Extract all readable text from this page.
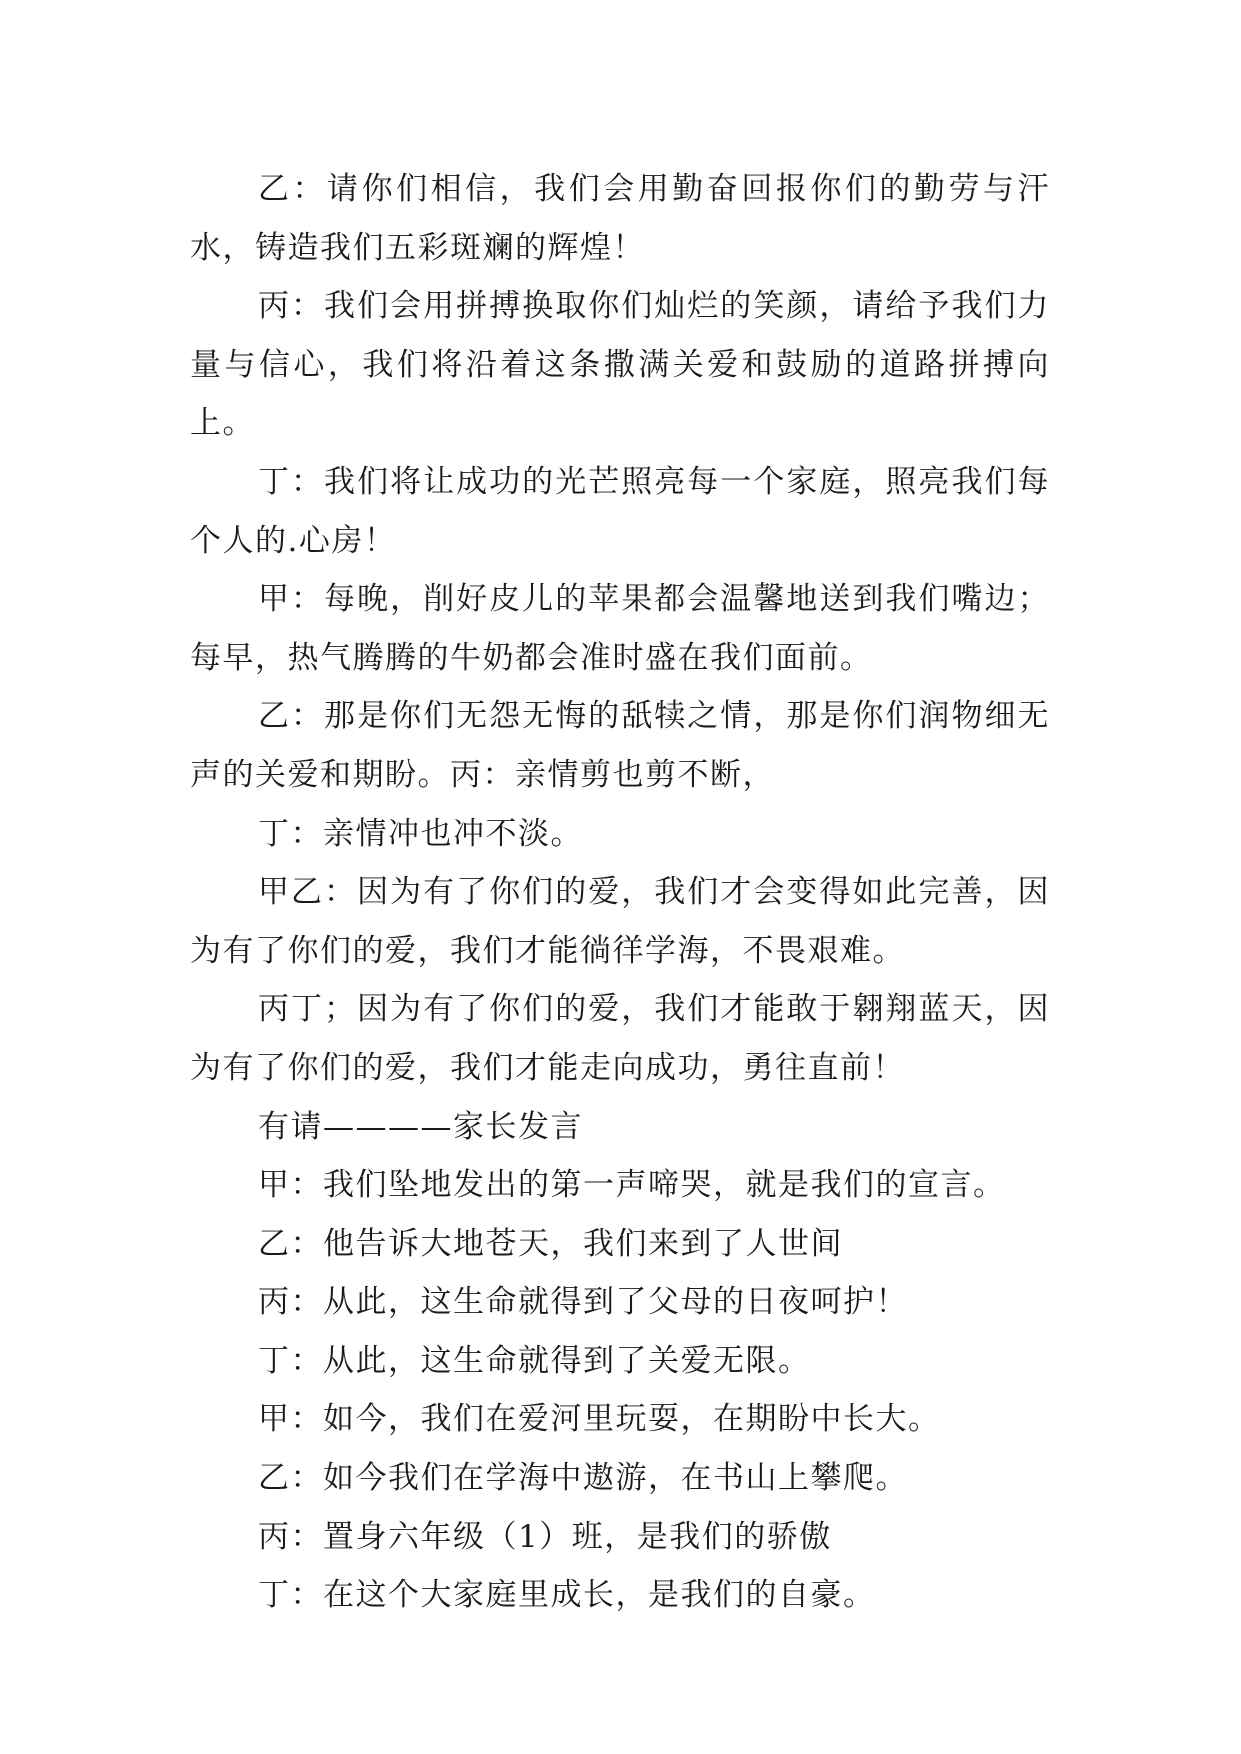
乙：请你们相信，我们会用勤奋回报你们的勤劳与汗水，铸造我们五彩斑斓的辉煌！

丙：我们会用拼搏换取你们灿烂的笑颜，请给予我们力量与信心，我们将沿着这条撒满关爱和鼓励的道路拼搏向上。

丁：我们将让成功的光芒照亮每一个家庭，照亮我们每个人的.心房！

甲：每晚，削好皮儿的苹果都会温馨地送到我们嘴边；每早，热气腾腾的牛奶都会准时盛在我们面前。

乙：那是你们无怨无悔的舐犊之情，那是你们润物细无声的关爱和期盼。丙：亲情剪也剪不断，

丁：亲情冲也冲不淡。

甲乙：因为有了你们的爱，我们才会变得如此完善，因为有了你们的爱，我们才能徜徉学海，不畏艰难。

丙丁；因为有了你们的爱，我们才能敢于翱翔蓝天，因为有了你们的爱，我们才能走向成功，勇往直前！

有请————家长发言

甲：我们坠地发出的第一声啼哭，就是我们的宣言。

乙：他告诉大地苍天，我们来到了人世间

丙：从此，这生命就得到了父母的日夜呵护！

丁：从此，这生命就得到了关爱无限。

甲：如今，我们在爱河里玩耍，在期盼中长大。

乙：如今我们在学海中遨游，在书山上攀爬。

丙：置身六年级（1）班，是我们的骄傲

丁：在这个大家庭里成长，是我们的自豪。
